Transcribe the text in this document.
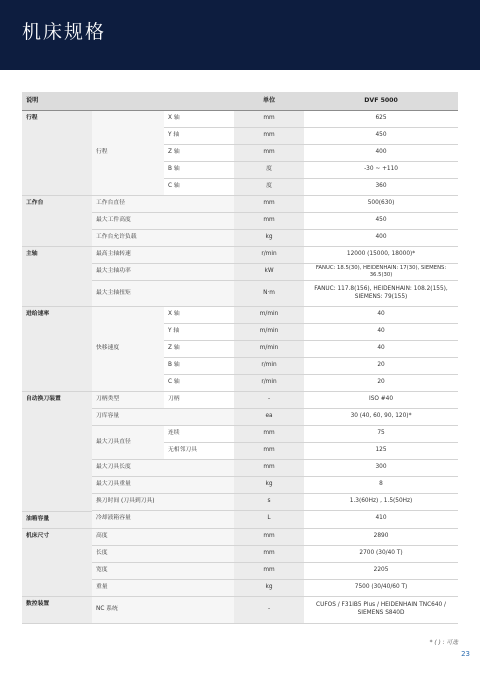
机床规格
说明			单位	DVF 5000
行程	行程	X 轴	mm	625
		Y 轴	mm	450
		Z 轴	mm	400
		B 轴	度	-30 ~ +110
		C 轴	度	360
工作台	工作台直径		mm	500(630)
	最大工件高度		mm	450
	工作台允许负载		kg	400
主轴	最高主轴转速		r/min	12000 (15000, 18000)*
	最大主轴功率		kW	FANUC: 18.5(30), HEIDENHAIN: 17(30), SIEMENS: 36.5(30)
	最大主轴扭矩		N·m	FANUC: 117.8(156), HEIDENHAIN: 108.2(155),
SIEMENS: 79(155)

进给速率	快移速度	X 轴	m/min	40
		Y 轴	m/min	40
		Z 轴	m/min	40
		B 轴	r/min	20
		C 轴	r/min	20
自动换刀装置	刀柄类型	刀柄	-	ISO #40
	刀库容量		ea	30 (40, 60, 90, 120)*
	最大刀具直径	连续	mm	75
		无相邻刀具	mm	125
	最大刀具长度		mm	300
	最大刀具重量		kg	8
	换刀时间 (刀具到刀具)		s	1.3(60Hz) , 1.5(50Hz)

油箱容量	冷却液箱容量		L	410
机床尺寸	高度		mm	2890
	长度		mm	2700 (30/40 T)
	宽度		mm	2205
	重量		kg	7500 (30/40/60 T)
数控装置	NC 系统		-	CUFOS / F31iB5 Plus / HEIDENHAIN TNC640 /
SIEMENS S840D
* ( ) : 可选
23
